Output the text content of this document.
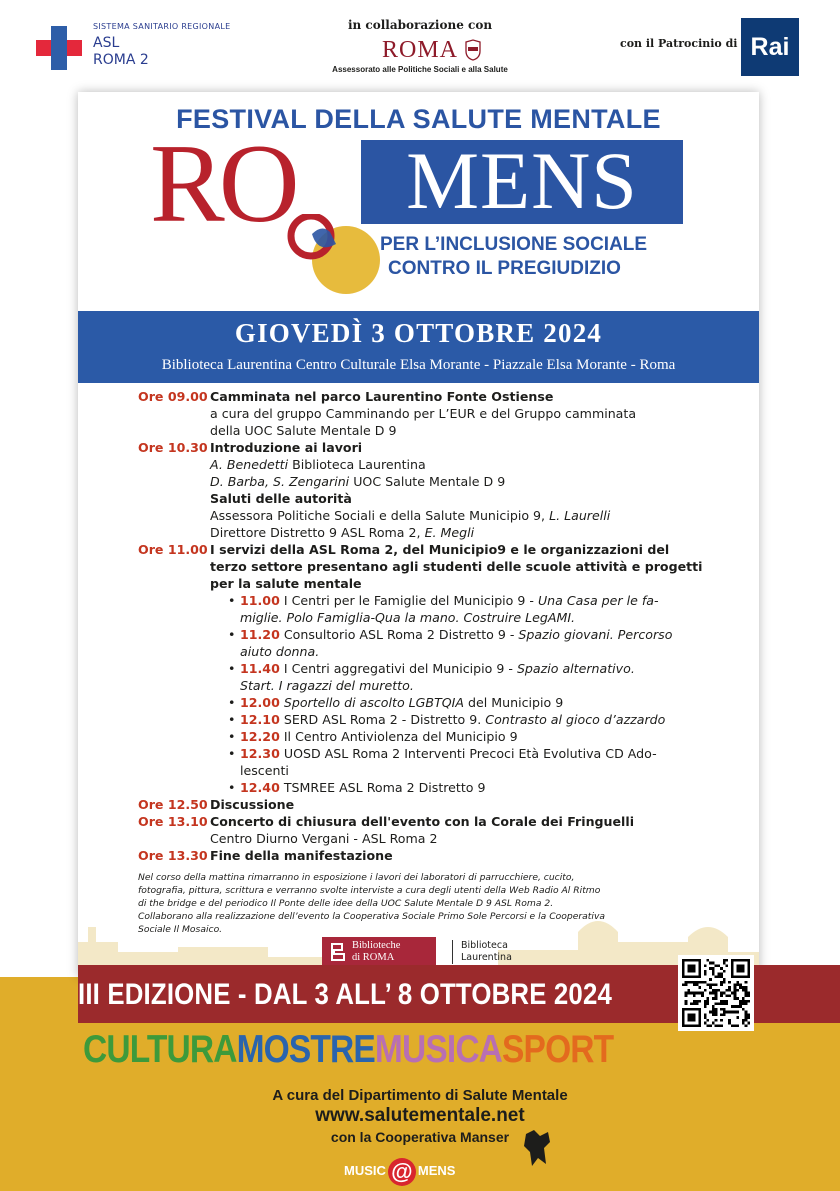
SISTEMA SANITARIO REGIONALE
ASL
ROMA 2
in collaborazione con
ROMA
Assessorato alle Politiche Sociali e alla Salute
con il Patrocinio di Rai
FESTIVAL DELLA SALUTE MENTALE
RO	MENS
PER L’INCLUSIONE SOCIALE
CONTRO IL PREGIUDIZIO
GIOVEDÌ 3 OTTOBRE 2024
Biblioteca Laurentina Centro Culturale Elsa Morante - Piazzale Elsa Morante - Roma
Ore 09.00 Camminata nel parco Laurentino Fonte Ostiense
a cura del gruppo Camminando per L’EUR e del Gruppo camminata
della UOC Salute Mentale D 9
Ore 10.30 Introduzione ai lavori
A. Benedetti Biblioteca Laurentina
D. Barba, S. Zengarini UOC Salute Mentale D 9
Saluti delle autorità
Assessora Politiche Sociali e della Salute Municipio 9, L. Laurelli
Direttore Distretto 9 ASL Roma 2, E. Megli
Ore 11.00 I servizi della ASL Roma 2, del Municipio9 e le organizzazioni del
terzo settore presentano agli studenti delle scuole attività e progetti
per la salute mentale
• 11.00 I Centri per le Famiglie del Municipio 9 - Una Casa per le fa-
miglie. Polo Famiglia-Qua la mano. Costruire LegAMI.
• 11.20 Consultorio ASL Roma 2 Distretto 9 - Spazio giovani. Percorso
aiuto donna.
• 11.40 I Centri aggregativi del Municipio 9 - Spazio alternativo.
Start. I ragazzi del muretto.
• 12.00 Sportello di ascolto LGBTQIA del Municipio 9
• 12.10 SERD ASL Roma 2 - Distretto 9. Contrasto al gioco d’azzardo
• 12.20 Il Centro Antiviolenza del Municipio 9
• 12.30 UOSD ASL Roma 2 Interventi Precoci Età Evolutiva CD Ado-
lescenti
• 12.40 TSMREE ASL Roma 2 Distretto 9
Ore 12.50 Discussione
Ore 13.10 Concerto di chiusura dell'evento con la Corale dei Fringuelli
Centro Diurno Vergani - ASL Roma 2
Ore 13.30 Fine della manifestazione
Nel corso della mattina rimarranno in esposizione i lavori dei laboratori di parrucchiere, cucito,
fotografia, pittura, scrittura e verranno svolte interviste a cura degli utenti della Web Radio Al Ritmo
di the bridge e del periodico Il Ponte delle idee della UOC Salute Mentale D 9 ASL Roma 2.
Collaborano alla realizzazione dell’evento la Cooperativa Sociale Primo Sole Percorsi e la Cooperativa
Sociale Il Mosaico.
Biblioteche
di ROMA
Biblioteca
Laurentina
III EDIZIONE - DAL 3 ALL’ 8 OTTOBRE 2024
CULTURAMOSTREMUSICASPORT
A cura del Dipartimento di Salute Mentale
www.salutementale.net
con la Cooperativa Manser
MUSIC @ MENS
